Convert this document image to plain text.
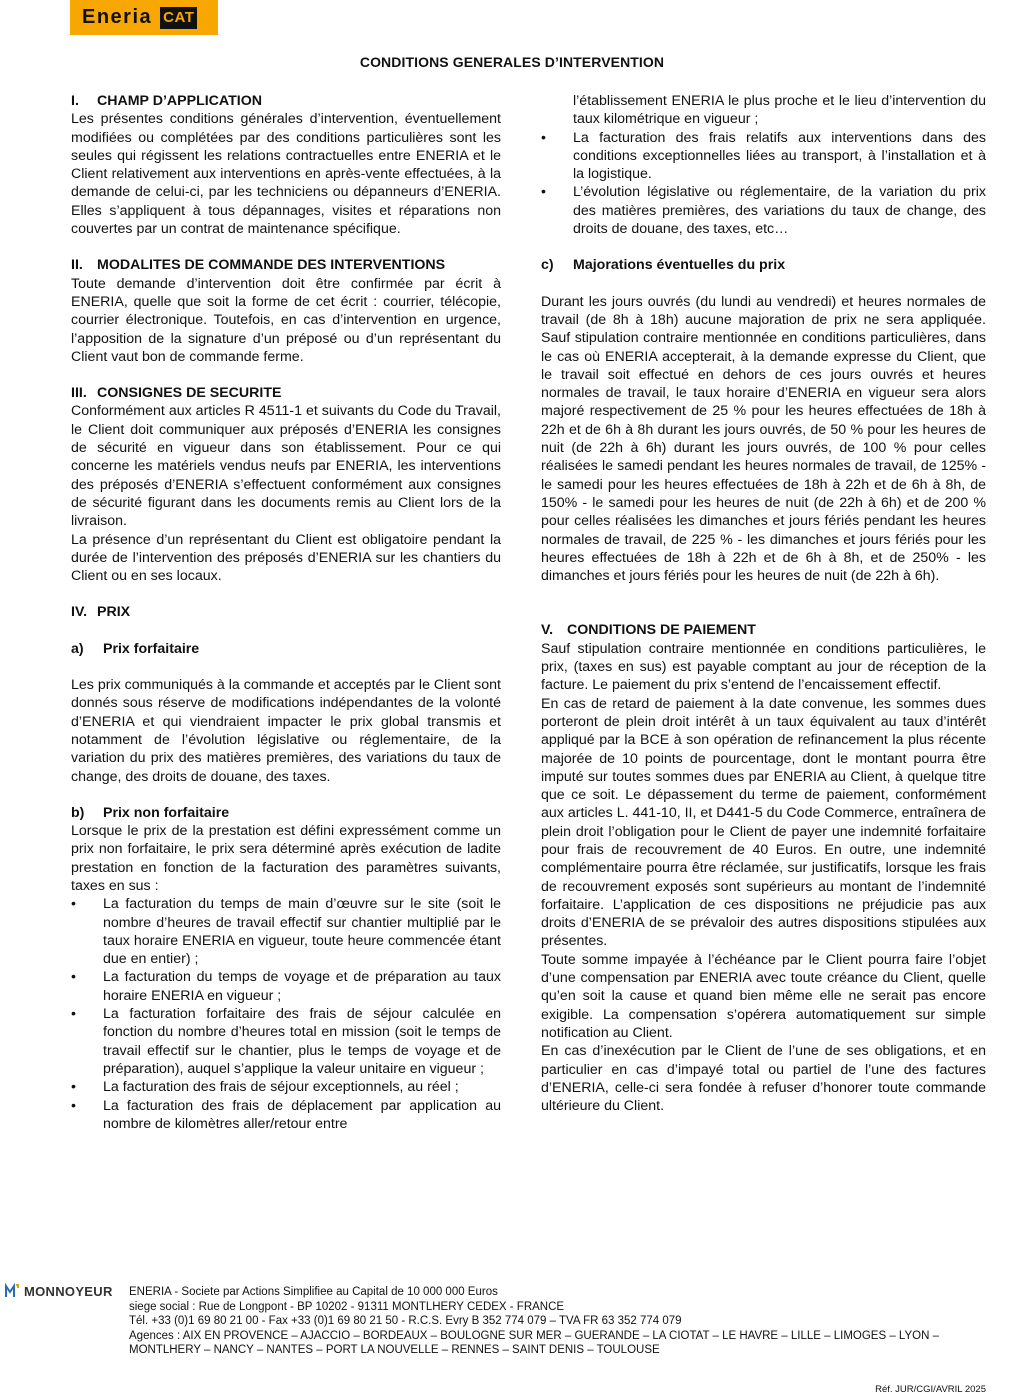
Eneria CAT
CONDITIONS GENERALES D’INTERVENTION

I. CHAMP D’APPLICATION

Les présentes conditions générales d’intervention, éventuellement modifiées ou complétées par des conditions particulières sont les seules qui régissent les relations contractuelles entre ENERIA et le Client relativement aux interventions en après-vente effectuées, à la demande de celui-ci, par les techniciens ou dépanneurs d’ENERIA. Elles s’appliquent à tous dépannages, visites et réparations non couvertes par un contrat de maintenance spécifique.

II. MODALITES DE COMMANDE DES INTERVENTIONS

Toute demande d’intervention doit être confirmée par écrit à ENERIA, quelle que soit la forme de cet écrit : courrier, télécopie, courrier électronique. Toutefois, en cas d’intervention en urgence, l’apposition de la signature d’un préposé ou d’un représentant du Client vaut bon de commande ferme.

III. CONSIGNES DE SECURITE

Conformément aux articles R 4511-1 et suivants du Code du Travail, le Client doit communiquer aux préposés d’ENERIA les consignes de sécurité en vigueur dans son établissement. Pour ce qui concerne les matériels vendus neufs par ENERIA, les interventions des préposés d’ENERIA s’effectuent conformément aux consignes de sécurité figurant dans les documents remis au Client lors de la livraison.

La présence d’un représentant du Client est obligatoire pendant la durée de l’intervention des préposés d’ENERIA sur les chantiers du Client ou en ses locaux.

IV. PRIX

a)	Prix forfaitaire

Les prix communiqués à la commande et acceptés par le Client sont donnés sous réserve de modifications indépendantes de la volonté d’ENERIA et qui viendraient impacter le prix global transmis et notamment de l’évolution législative ou réglementaire, de la variation du prix des matières premières, des variations du taux de change, des droits de douane, des taxes.

b)	Prix non forfaitaire

Lorsque le prix de la prestation est défini expressément comme un prix non forfaitaire, le prix sera déterminé après exécution de ladite prestation en fonction de la facturation des paramètres suivants, taxes en sus :

• La facturation du temps de main d’œuvre sur le site (soit le nombre d’heures de travail effectif sur chantier multiplié par le taux horaire ENERIA en vigueur, toute heure commencée étant due en entier) ;
• La facturation du temps de voyage et de préparation au taux horaire ENERIA en vigueur ;
• La facturation forfaitaire des frais de séjour calculée en fonction du nombre d’heures total en mission (soit le temps de travail effectif sur le chantier, plus le temps de voyage et de préparation), auquel s’applique la valeur unitaire en vigueur ;
• La facturation des frais de séjour exceptionnels, au réel ;
• La facturation des frais de déplacement par application au nombre de kilomètres aller/retour entre

l’établissement ENERIA le plus proche et le lieu d’intervention du taux kilométrique en vigueur ;

• La facturation des frais relatifs aux interventions dans des conditions exceptionnelles liées au transport, à l’installation et à la logistique.
• L’évolution législative ou réglementaire, de la variation du prix des matières premières, des variations du taux de change, des droits de douane, des taxes, etc…

c)	Majorations éventuelles du prix

Durant les jours ouvrés (du lundi au vendredi) et heures normales de travail (de 8h à 18h) aucune majoration de prix ne sera appliquée. Sauf stipulation contraire mentionnée en conditions particulières, dans le cas où ENERIA accepterait, à la demande expresse du Client, que le travail soit effectué en dehors de ces jours ouvrés et heures normales de travail, le taux horaire d’ENERIA en vigueur sera alors majoré respectivement de 25 % pour les heures effectuées de 18h à 22h et de 6h à 8h durant les jours ouvrés, de 50 % pour les heures de nuit (de 22h à 6h) durant les jours ouvrés, de 100 % pour celles réalisées le samedi pendant les heures normales de travail, de 125% - le samedi pour les heures effectuées de 18h à 22h et de 6h à 8h, de 150% - le samedi pour les heures de nuit (de 22h à 6h) et de 200 % pour celles réalisées les dimanches et jours fériés pendant les heures normales de travail, de 225 % - les dimanches et jours fériés pour les heures effectuées de 18h à 22h et de 6h à 8h, et de 250% - les dimanches et jours fériés pour les heures de nuit (de 22h à 6h).

V. CONDITIONS DE PAIEMENT

Sauf stipulation contraire mentionnée en conditions particulières, le prix, (taxes en sus) est payable comptant au jour de réception de la facture. Le paiement du prix s’entend de l’encaissement effectif.

En cas de retard de paiement à la date convenue, les sommes dues porteront de plein droit intérêt à un taux équivalent au taux d’intérêt appliqué par la BCE à son opération de refinancement la plus récente majorée de 10 points de pourcentage, dont le montant pourra être imputé sur toutes sommes dues par ENERIA au Client, à quelque titre que ce soit. Le dépassement du terme de paiement, conformément aux articles L. 441-10, II, et D441-5 du Code Commerce, entraînera de plein droit l’obligation pour le Client de payer une indemnité forfaitaire pour frais de recouvrement de 40 Euros. En outre, une indemnité complémentaire pourra être réclamée, sur justificatifs, lorsque les frais de recouvrement exposés sont supérieurs au montant de l’indemnité forfaitaire. L’application de ces dispositions ne préjudicie pas aux droits d’ENERIA de se prévaloir des autres dispositions stipulées aux présentes.

Toute somme impayée à l’échéance par le Client pourra faire l’objet d’une compensation par ENERIA avec toute créance du Client, quelle qu’en soit la cause et quand bien même elle ne serait pas encore exigible. La compensation s’opérera automatiquement sur simple notification au Client.

En cas d’inexécution par le Client de l’une de ses obligations, et en particulier en cas d’impayé total ou partiel de l’une des factures d’ENERIA, celle-ci sera fondée à refuser d’honorer toute commande ultérieure du Client.

MONNOYEUR ENERIA - Societe par Actions Simplifiee au Capital de 10 000 000 Euros

siege social : Rue de Longpont - BP 10202 - 91311 MONTLHERY CEDEX - FRANCE

Tél. +33 (0)1 69 80 21 00 - Fax +33 (0)1 69 80 21 50 - R.C.S. Evry B 352 774 079 – TVA FR 63 352 774 079

Agences : AIX EN PROVENCE – AJACCIO – BORDEAUX – BOULOGNE SUR MER – GUERANDE – LA CIOTAT – LE HAVRE – LILLE – LIMOGES – LYON – MONTLHERY – NANCY – NANTES – PORT LA NOUVELLE – RENNES – SAINT DENIS – TOULOUSE

Réf. JUR/CGI/AVRIL 2025
